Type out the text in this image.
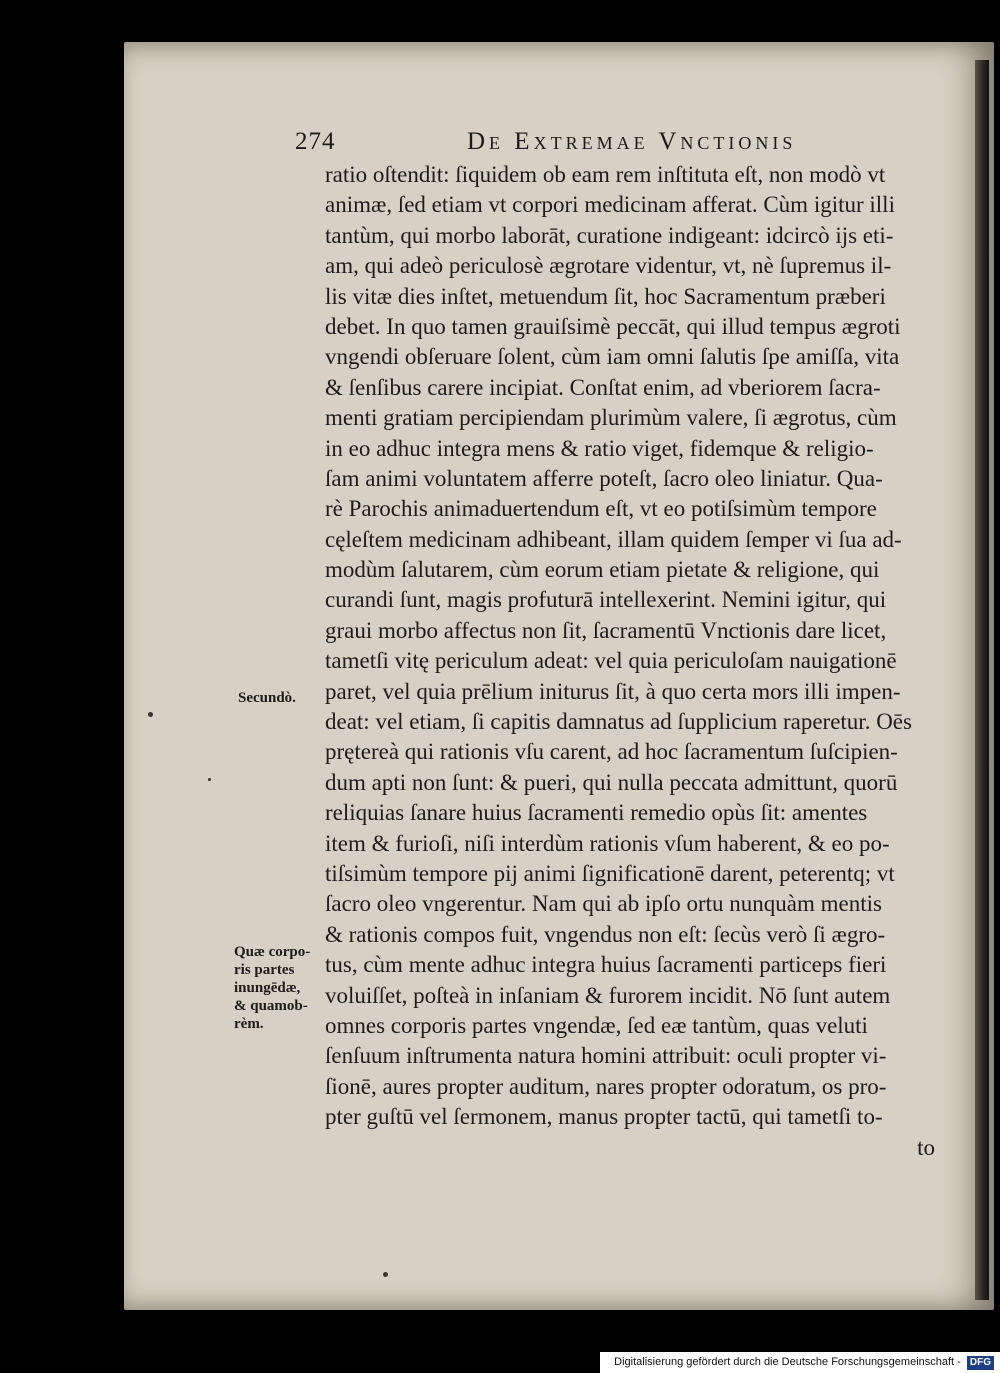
274	De Extremae Vnctionis
ratio oſtendit: ſiquidem ob eam rem inſtituta eſt, non modò vt
animæ, ſed etiam vt corpori medicinam afferat. Cùm igitur illi
tantùm, qui morbo laborāt, curatione indigeant: idcircò ijs eti-
am, qui adeò periculosè ægrotare videntur, vt, nè ſupremus il-
lis vitæ dies inſtet, metuendum ſit, hoc Sacramentum præberi
debet. In quo tamen grauiſsimè peccāt, qui illud tempus ægroti
vngendi obſeruare ſolent, cùm iam omni ſalutis ſpe amiſſa, vita
& ſenſibus carere incipiat. Conſtat enim, ad vberiorem ſacra-
menti gratiam percipiendam plurimùm valere, ſi ægrotus, cùm
in eo adhuc integra mens & ratio viget, fidemque & religio-
ſam animi voluntatem afferre poteſt, ſacro oleo liniatur. Qua-
rè Parochis animaduertendum eſt, vt eo potiſsimùm tempore
cęleſtem medicinam adhibeant, illam quidem ſemper vi ſua ad-
modùm ſalutarem, cùm eorum etiam pietate & religione, qui
curandi ſunt, magis profuturā intellexerint. Nemini igitur, qui
graui morbo affectus non ſit, ſacramentū Vnctionis dare licet,
tametſi vitę periculum adeat: vel quia periculoſam nauigationē
paret, vel quia prēlium initurus ſit, à quo certa mors illi impen-
deat: vel etiam, ſi capitis damnatus ad ſupplicium raperetur. Oēs
prętereà qui rationis vſu carent, ad hoc ſacramentum ſuſcipien-
dum apti non ſunt: & pueri, qui nulla peccata admittunt, quorū
reliquias ſanare huius ſacramenti remedio opùs ſit: amentes
item & furioſi, niſi interdùm rationis vſum haberent, & eo po-
tiſsimùm tempore pij animi ſignificationē darent, peterentq; vt
ſacro oleo vngerentur. Nam qui ab ipſo ortu nunquàm mentis
& rationis compos fuit, vngendus non eſt: ſecùs verò ſi ægro-
tus, cùm mente adhuc integra huius ſacramenti particeps fieri
voluiſſet, poſteà in inſaniam & furorem incidit. Nō ſunt autem
omnes corporis partes vngendæ, ſed eæ tantùm, quas veluti
ſenſuum inſtrumenta natura homini attribuit: oculi propter vi-
ſionē, aures propter auditum, nares propter odoratum, os pro-
pter guſtū vel ſermonem, manus propter tactū, qui tametſi to-
to
Secundò.
Quæ corpo-
ris partes
inungēdæ,
& quamob-
rèm.
Digitalisierung gefördert durch die Deutsche Forschungsgemeinschaft - DFG
